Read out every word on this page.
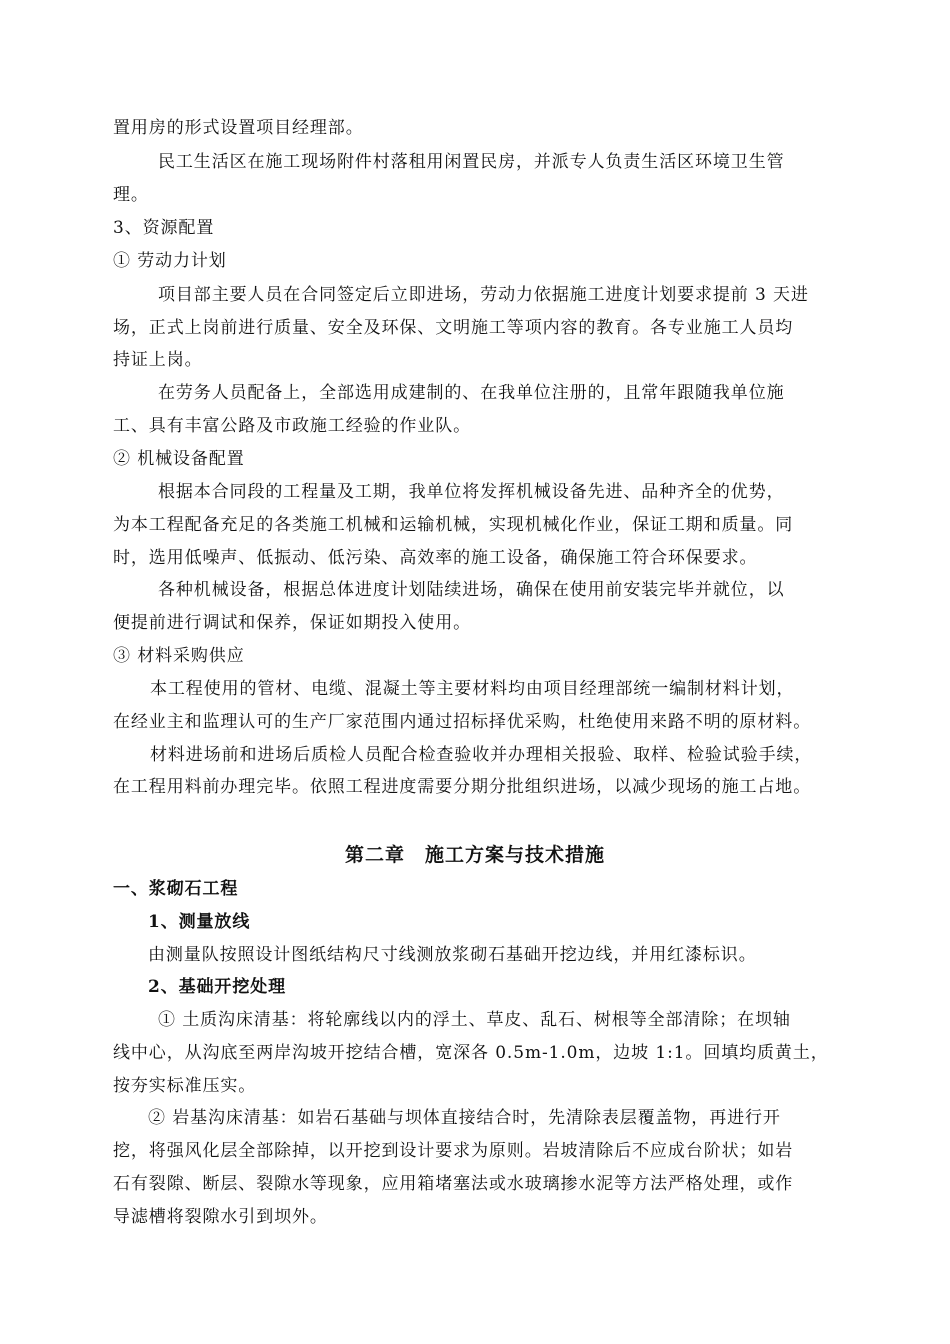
置用房的形式设置项目经理部。
民工生活区在施工现场附件村落租用闲置民房，并派专人负责生活区环境卫生管
理。
3、资源配置
① 劳动力计划
项目部主要人员在合同签定后立即进场，劳动力依据施工进度计划要求提前 3 天进
场，正式上岗前进行质量、安全及环保、文明施工等项内容的教育。各专业施工人员均
持证上岗。
在劳务人员配备上，全部选用成建制的、在我单位注册的，且常年跟随我单位施
工、具有丰富公路及市政施工经验的作业队。
② 机械设备配置
根据本合同段的工程量及工期，我单位将发挥机械设备先进、品种齐全的优势，
为本工程配备充足的各类施工机械和运输机械，实现机械化作业，保证工期和质量。同
时，选用低噪声、低振动、低污染、高效率的施工设备，确保施工符合环保要求。
各种机械设备，根据总体进度计划陆续进场，确保在使用前安装完毕并就位，以
便提前进行调试和保养，保证如期投入使用。
③ 材料采购供应
本工程使用的管材、电缆、混凝土等主要材料均由项目经理部统一编制材料计划，
在经业主和监理认可的生产厂家范围内通过招标择优采购，杜绝使用来路不明的原材料。
材料进场前和进场后质检人员配合检查验收并办理相关报验、取样、检验试验手续，
在工程用料前办理完毕。依照工程进度需要分期分批组织进场，以减少现场的施工占地。
第二章　施工方案与技术措施
一、浆砌石工程
1、测量放线
由测量队按照设计图纸结构尺寸线测放浆砌石基础开挖边线，并用红漆标识。
2、基础开挖处理
① 土质沟床清基：将轮廓线以内的浮土、草皮、乱石、树根等全部清除；在坝轴
线中心，从沟底至两岸沟坡开挖结合槽，宽深各 0.5m-1.0m，边坡 1:1。回填均质黄土，
按夯实标准压实。
② 岩基沟床清基：如岩石基础与坝体直接结合时，先清除表层覆盖物，再进行开
挖，将强风化层全部除掉，以开挖到设计要求为原则。岩坡清除后不应成台阶状；如岩
石有裂隙、断层、裂隙水等现象，应用箱堵塞法或水玻璃掺水泥等方法严格处理，或作
导滤槽将裂隙水引到坝外。
